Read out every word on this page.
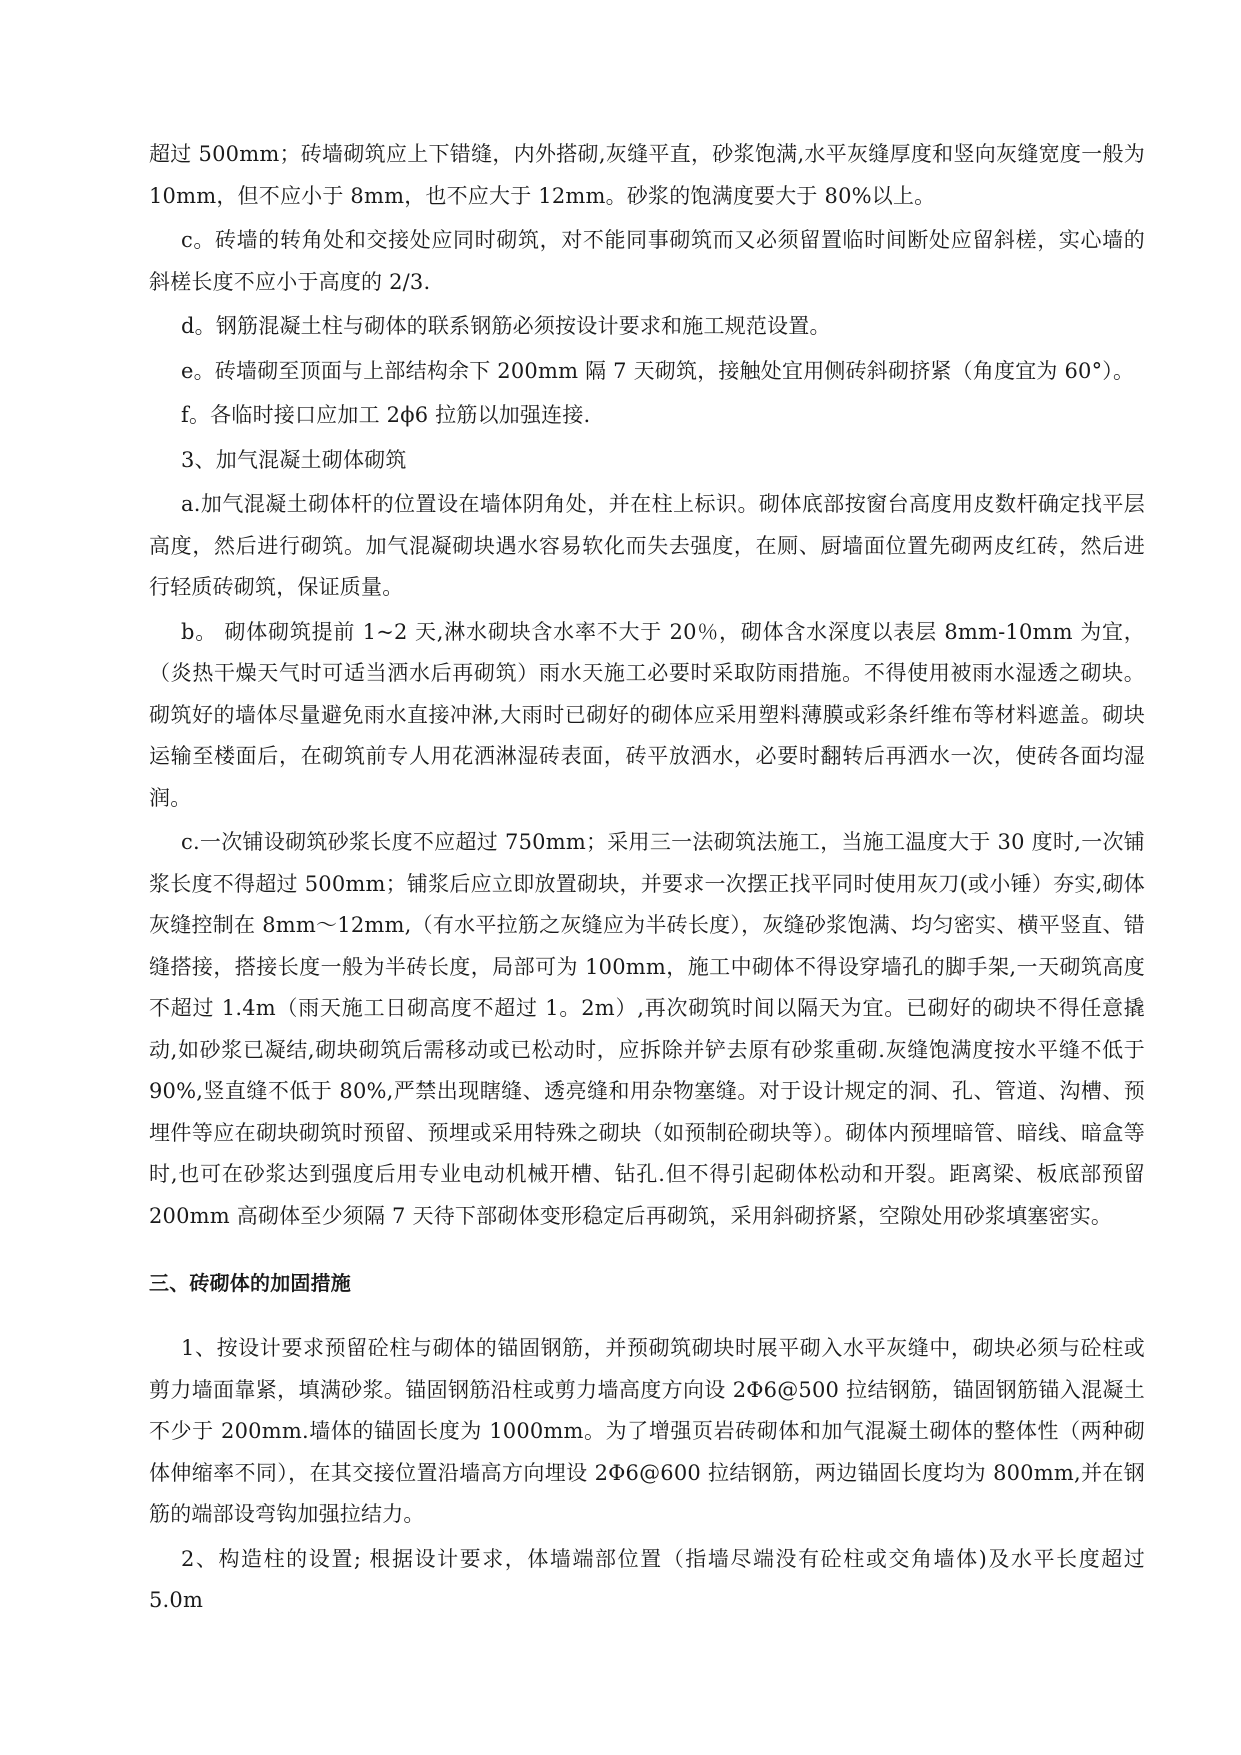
超过 500mm；砖墙砌筑应上下错缝，内外搭砌,灰缝平直，砂浆饱满,水平灰缝厚度和竖向灰缝宽度一般为 10mm，但不应小于 8mm，也不应大于 12mm。砂浆的饱满度要大于 80%以上。

c。砖墙的转角处和交接处应同时砌筑，对不能同事砌筑而又必须留置临时间断处应留斜槎，实心墙的斜槎长度不应小于高度的 2/3.

d。钢筋混凝土柱与砌体的联系钢筋必须按设计要求和施工规范设置。

e。砖墙砌至顶面与上部结构余下 200mm 隔 7 天砌筑，接触处宜用侧砖斜砌挤紧（角度宜为 60°）。

f。各临时接口应加工 2ϕ6 拉筋以加强连接.

3、加气混凝土砌体砌筑

a.加气混凝土砌体杆的位置设在墙体阴角处，并在柱上标识。砌体底部按窗台高度用皮数杆确定找平层高度，然后进行砌筑。加气混凝砌块遇水容易软化而失去强度，在厕、厨墙面位置先砌两皮红砖，然后进行轻质砖砌筑，保证质量。

b。 砌体砌筑提前 1~2 天,淋水砌块含水率不大于 20％，砌体含水深度以表层 8mm-10mm 为宜，（炎热干燥天气时可适当洒水后再砌筑）雨水天施工必要时采取防雨措施。不得使用被雨水湿透之砌块。砌筑好的墙体尽量避免雨水直接冲淋,大雨时已砌好的砌体应采用塑料薄膜或彩条纤维布等材料遮盖。砌块运输至楼面后，在砌筑前专人用花洒淋湿砖表面，砖平放洒水，必要时翻转后再洒水一次，使砖各面均湿润。

c.一次铺设砌筑砂浆长度不应超过 750mm；采用三一法砌筑法施工，当施工温度大于 30 度时,一次铺浆长度不得超过 500mm；铺浆后应立即放置砌块，并要求一次摆正找平同时使用灰刀(或小锤）夯实,砌体灰缝控制在 8mm～12mm,（有水平拉筋之灰缝应为半砖长度），灰缝砂浆饱满、均匀密实、横平竖直、错缝搭接，搭接长度一般为半砖长度，局部可为 100mm，施工中砌体不得设穿墙孔的脚手架,一天砌筑高度不超过 1.4m（雨天施工日砌高度不超过 1。2m）,再次砌筑时间以隔天为宜。已砌好的砌块不得任意撬动,如砂浆已凝结,砌块砌筑后需移动或已松动时，应拆除并铲去原有砂浆重砌.灰缝饱满度按水平缝不低于 90%,竖直缝不低于 80%,严禁出现瞎缝、透亮缝和用杂物塞缝。对于设计规定的洞、孔、管道、沟槽、预埋件等应在砌块砌筑时预留、预埋或采用特殊之砌块（如预制砼砌块等）。砌体内预埋暗管、暗线、暗盒等时,也可在砂浆达到强度后用专业电动机械开槽、钻孔.但不得引起砌体松动和开裂。距离梁、板底部预留 200mm 高砌体至少须隔 7 天待下部砌体变形稳定后再砌筑，采用斜砌挤紧，空隙处用砂浆填塞密实。

三、砖砌体的加固措施

1、按设计要求预留砼柱与砌体的锚固钢筋，并预砌筑砌块时展平砌入水平灰缝中，砌块必须与砼柱或剪力墙面靠紧，填满砂浆。锚固钢筋沿柱或剪力墙高度方向设 2Φ6@500 拉结钢筋，锚固钢筋锚入混凝土不少于 200mm.墙体的锚固长度为 1000mm。为了增强页岩砖砌体和加气混凝土砌体的整体性（两种砌体伸缩率不同），在其交接位置沿墙高方向埋设 2Φ6@600 拉结钢筋，两边锚固长度均为 800mm,并在钢筋的端部设弯钩加强拉结力。

2、构造柱的设置; 根据设计要求，体墙端部位置（指墙尽端没有砼柱或交角墙体)及水平长度超过 5.0m
